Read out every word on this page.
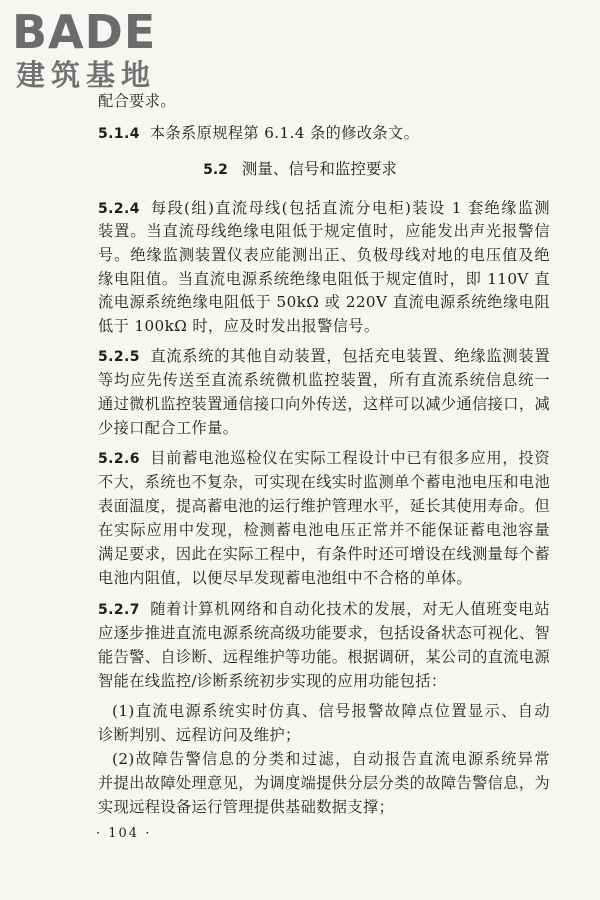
BADE
建筑基地
配合要求。
5.1.4 本条系原规程第 6.1.4 条的修改条文。
5.2 测量、信号和监控要求
5.2.4 每段(组)直流母线(包括直流分电柜)装设 1 套绝缘监测
装置。当直流母线绝缘电阻低于规定值时，应能发出声光报警信
号。绝缘监测装置仪表应能测出正、负极母线对地的电压值及绝
缘电阻值。当直流电源系统绝缘电阻低于规定值时，即 110V 直
流电源系统绝缘电阻低于 50kΩ 或 220V 直流电源系统绝缘电阻
低于 100kΩ 时，应及时发出报警信号。
5.2.5 直流系统的其他自动装置，包括充电装置、绝缘监测装置
等均应先传送至直流系统微机监控装置，所有直流系统信息统一
通过微机监控装置通信接口向外传送，这样可以减少通信接口，减
少接口配合工作量。
5.2.6 目前蓄电池巡检仪在实际工程设计中已有很多应用，投资
不大，系统也不复杂，可实现在线实时监测单个蓄电池电压和电池
表面温度，提高蓄电池的运行维护管理水平，延长其使用寿命。但
在实际应用中发现，检测蓄电池电压正常并不能保证蓄电池容量
满足要求，因此在实际工程中，有条件时还可增设在线测量每个蓄
电池内阻值，以便尽早发现蓄电池组中不合格的单体。
5.2.7 随着计算机网络和自动化技术的发展，对无人值班变电站
应逐步推进直流电源系统高级功能要求，包括设备状态可视化、智
能告警、自诊断、远程维护等功能。根据调研，某公司的直流电源
智能在线监控/诊断系统初步实现的应用功能包括：
(1)直流电源系统实时仿真、信号报警故障点位置显示、自动
诊断判别、远程访问及维护；
(2)故障告警信息的分类和过滤，自动报告直流电源系统异常
并提出故障处理意见，为调度端提供分层分类的故障告警信息，为
实现远程设备运行管理提供基础数据支撑；
· 104 ·
